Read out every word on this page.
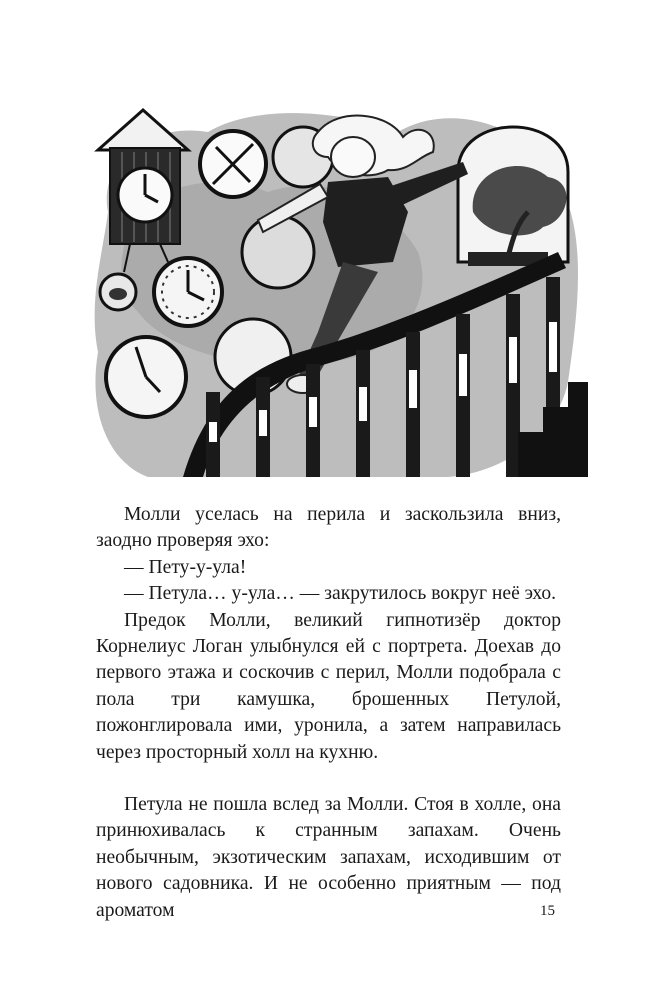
Молли уселась на перила и заскользила вниз, заодно проверяя эхо:

— Пету-у-ула!

— Петула… у-ула… — закрутилось вокруг неё эхо.

Предок Молли, великий гипнотизёр доктор Корнелиус Логан улыбнулся ей с портрета. Доехав до первого этажа и соскочив с перил, Молли подобрала с пола три камушка, брошенных Петулой, пожонглировала ими, уронила, а затем направилась через просторный холл на кухню.

Петула не пошла вслед за Молли. Стоя в холле, она принюхивалась к странным запахам. Очень необычным, экзотическим запахам, исходившим от нового садовника. И не особенно приятным — под ароматом	15
